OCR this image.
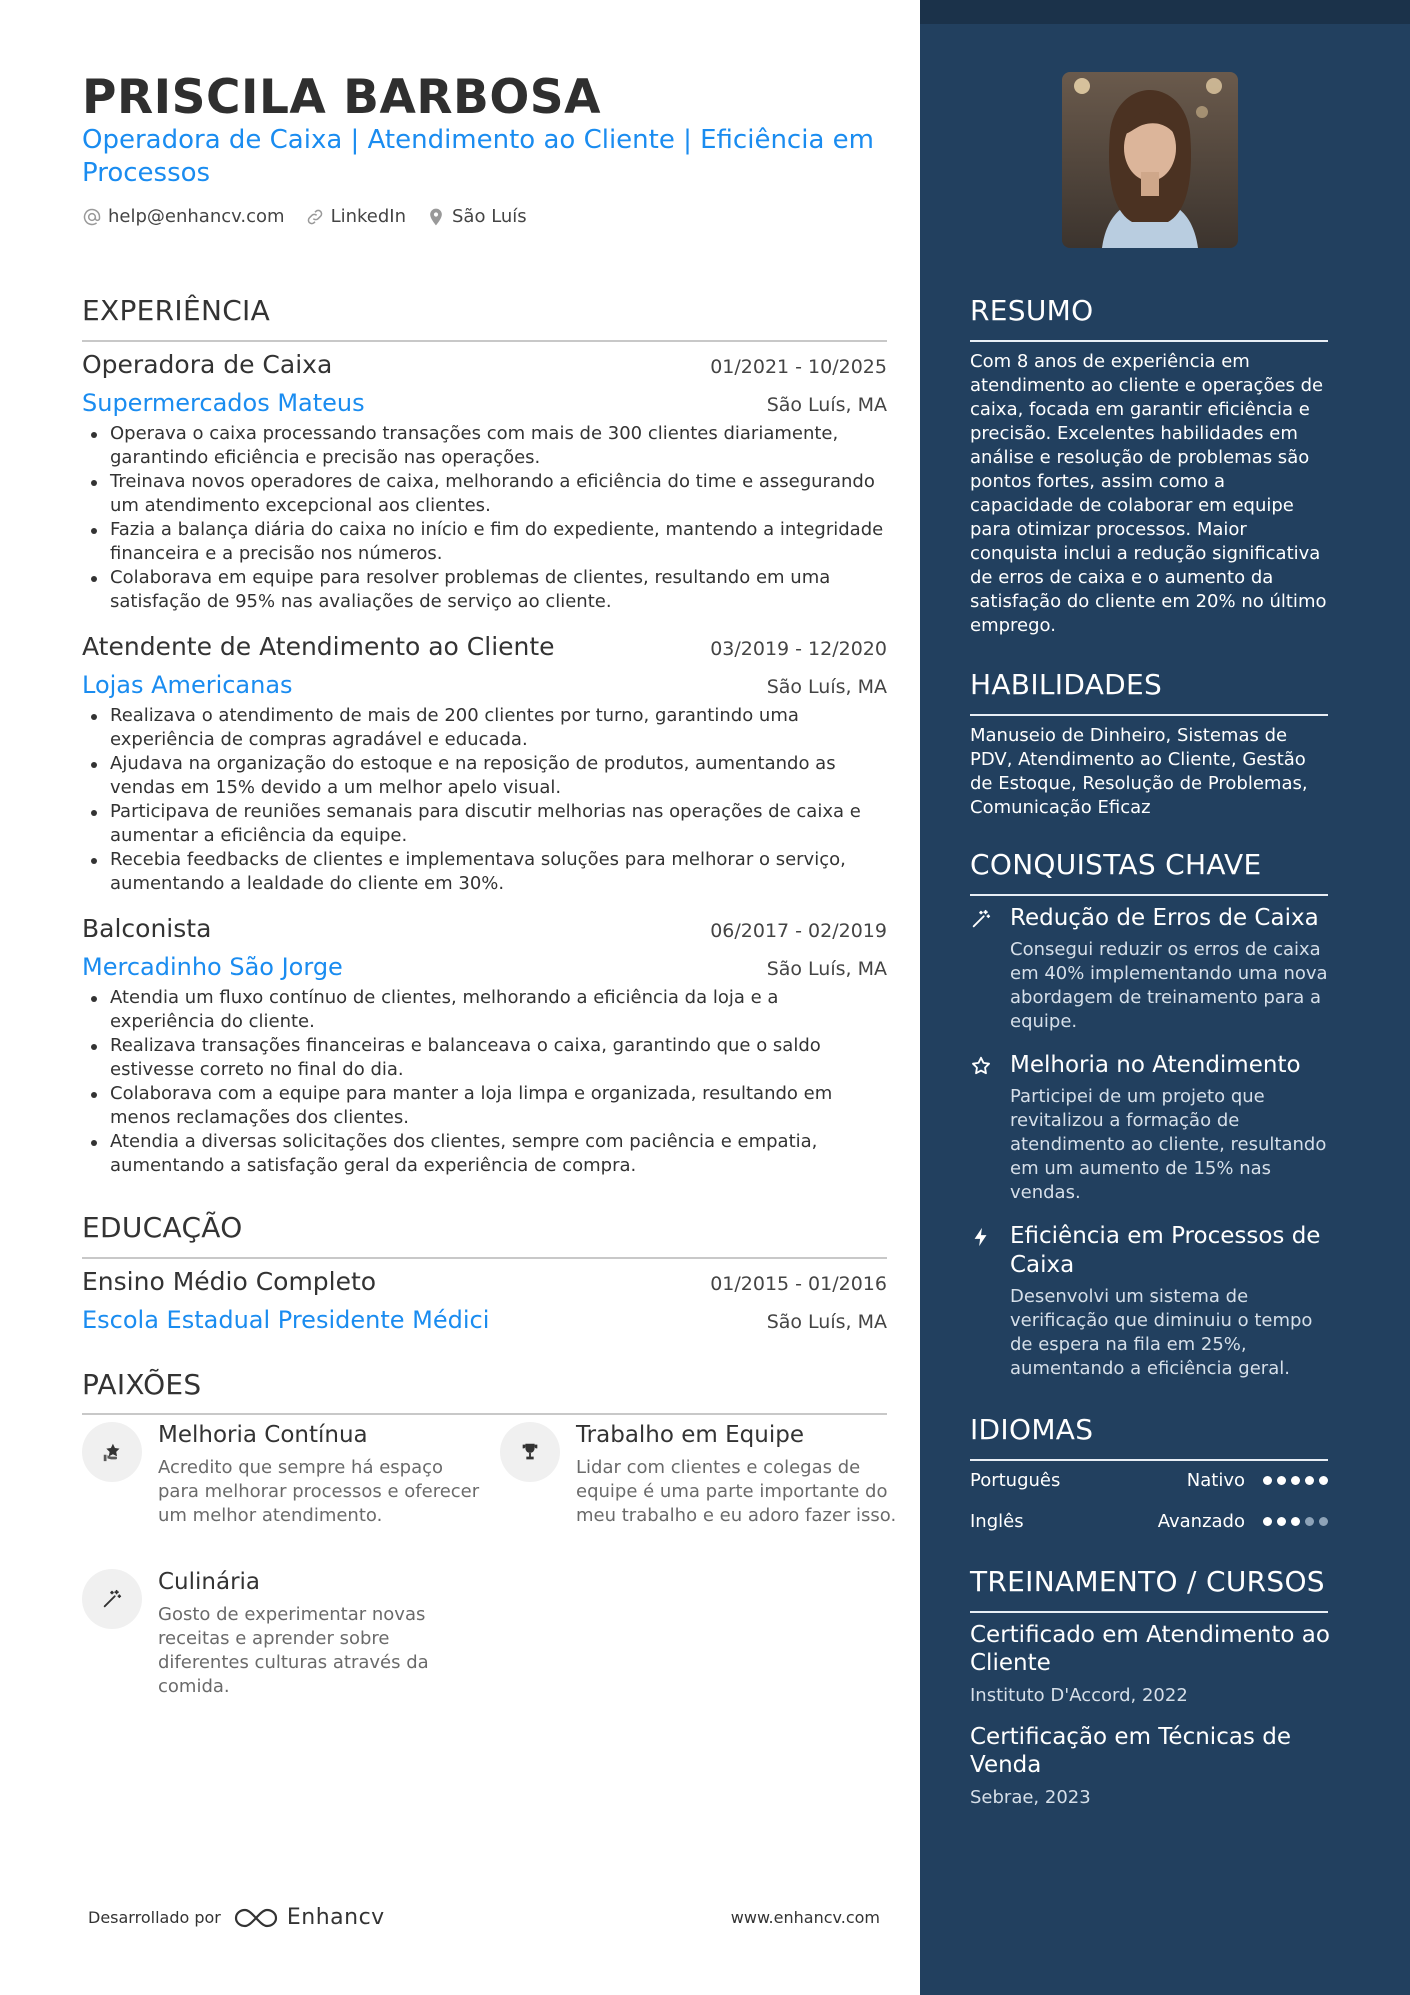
PRISCILA BARBOSA
Operadora de Caixa | Atendimento ao Cliente | Eficiência em Processos
help@enhancv.com	LinkedIn	São Luís
EXPERIÊNCIA
Operadora de Caixa	01/2021 - 10/2025
Supermercados Mateus	São Luís, MA
Operava o caixa processando transações com mais de 300 clientes diariamente, garantindo eficiência e precisão nas operações.
Treinava novos operadores de caixa, melhorando a eficiência do time e assegurando um atendimento excepcional aos clientes.
Fazia a balança diária do caixa no início e fim do expediente, mantendo a integridade financeira e a precisão nos números.
Colaborava em equipe para resolver problemas de clientes, resultando em uma satisfação de 95% nas avaliações de serviço ao cliente.
Atendente de Atendimento ao Cliente	03/2019 - 12/2020
Lojas Americanas	São Luís, MA
Realizava o atendimento de mais de 200 clientes por turno, garantindo uma experiência de compras agradável e educada.
Ajudava na organização do estoque e na reposição de produtos, aumentando as vendas em 15% devido a um melhor apelo visual.
Participava de reuniões semanais para discutir melhorias nas operações de caixa e aumentar a eficiência da equipe.
Recebia feedbacks de clientes e implementava soluções para melhorar o serviço, aumentando a lealdade do cliente em 30%.
Balconista	06/2017 - 02/2019
Mercadinho São Jorge	São Luís, MA
Atendia um fluxo contínuo de clientes, melhorando a eficiência da loja e a experiência do cliente.
Realizava transações financeiras e balanceava o caixa, garantindo que o saldo estivesse correto no final do dia.
Colaborava com a equipe para manter a loja limpa e organizada, resultando em menos reclamações dos clientes.
Atendia a diversas solicitações dos clientes, sempre com paciência e empatia, aumentando a satisfação geral da experiência de compra.
EDUCAÇÃO
Ensino Médio Completo	01/2015 - 01/2016
Escola Estadual Presidente Médici	São Luís, MA
PAIXÕES
Melhoria Contínua
Acredito que sempre há espaço para melhorar processos e oferecer um melhor atendimento.
Trabalho em Equipe
Lidar com clientes e colegas de equipe é uma parte importante do meu trabalho e eu adoro fazer isso.
Culinária
Gosto de experimentar novas receitas e aprender sobre diferentes culturas através da comida.
Desarrollado por	Enhancv	www.enhancv.com
RESUMO
Com 8 anos de experiência em atendimento ao cliente e operações de caixa, focada em garantir eficiência e precisão. Excelentes habilidades em análise e resolução de problemas são pontos fortes, assim como a capacidade de colaborar em equipe para otimizar processos. Maior conquista inclui a redução significativa de erros de caixa e o aumento da satisfação do cliente em 20% no último emprego.
HABILIDADES
Manuseio de Dinheiro, Sistemas de PDV, Atendimento ao Cliente, Gestão de Estoque, Resolução de Problemas, Comunicação Eficaz
CONQUISTAS CHAVE
Redução de Erros de Caixa
Consegui reduzir os erros de caixa em 40% implementando uma nova abordagem de treinamento para a equipe.
Melhoria no Atendimento
Participei de um projeto que revitalizou a formação de atendimento ao cliente, resultando em um aumento de 15% nas vendas.
Eficiência em Processos de Caixa
Desenvolvi um sistema de verificação que diminuiu o tempo de espera na fila em 25%, aumentando a eficiência geral.
IDIOMAS
Português	Nativo
Inglês	Avanzado
TREINAMENTO / CURSOS
Certificado em Atendimento ao Cliente
Instituto D'Accord, 2022
Certificação em Técnicas de Venda
Sebrae, 2023
